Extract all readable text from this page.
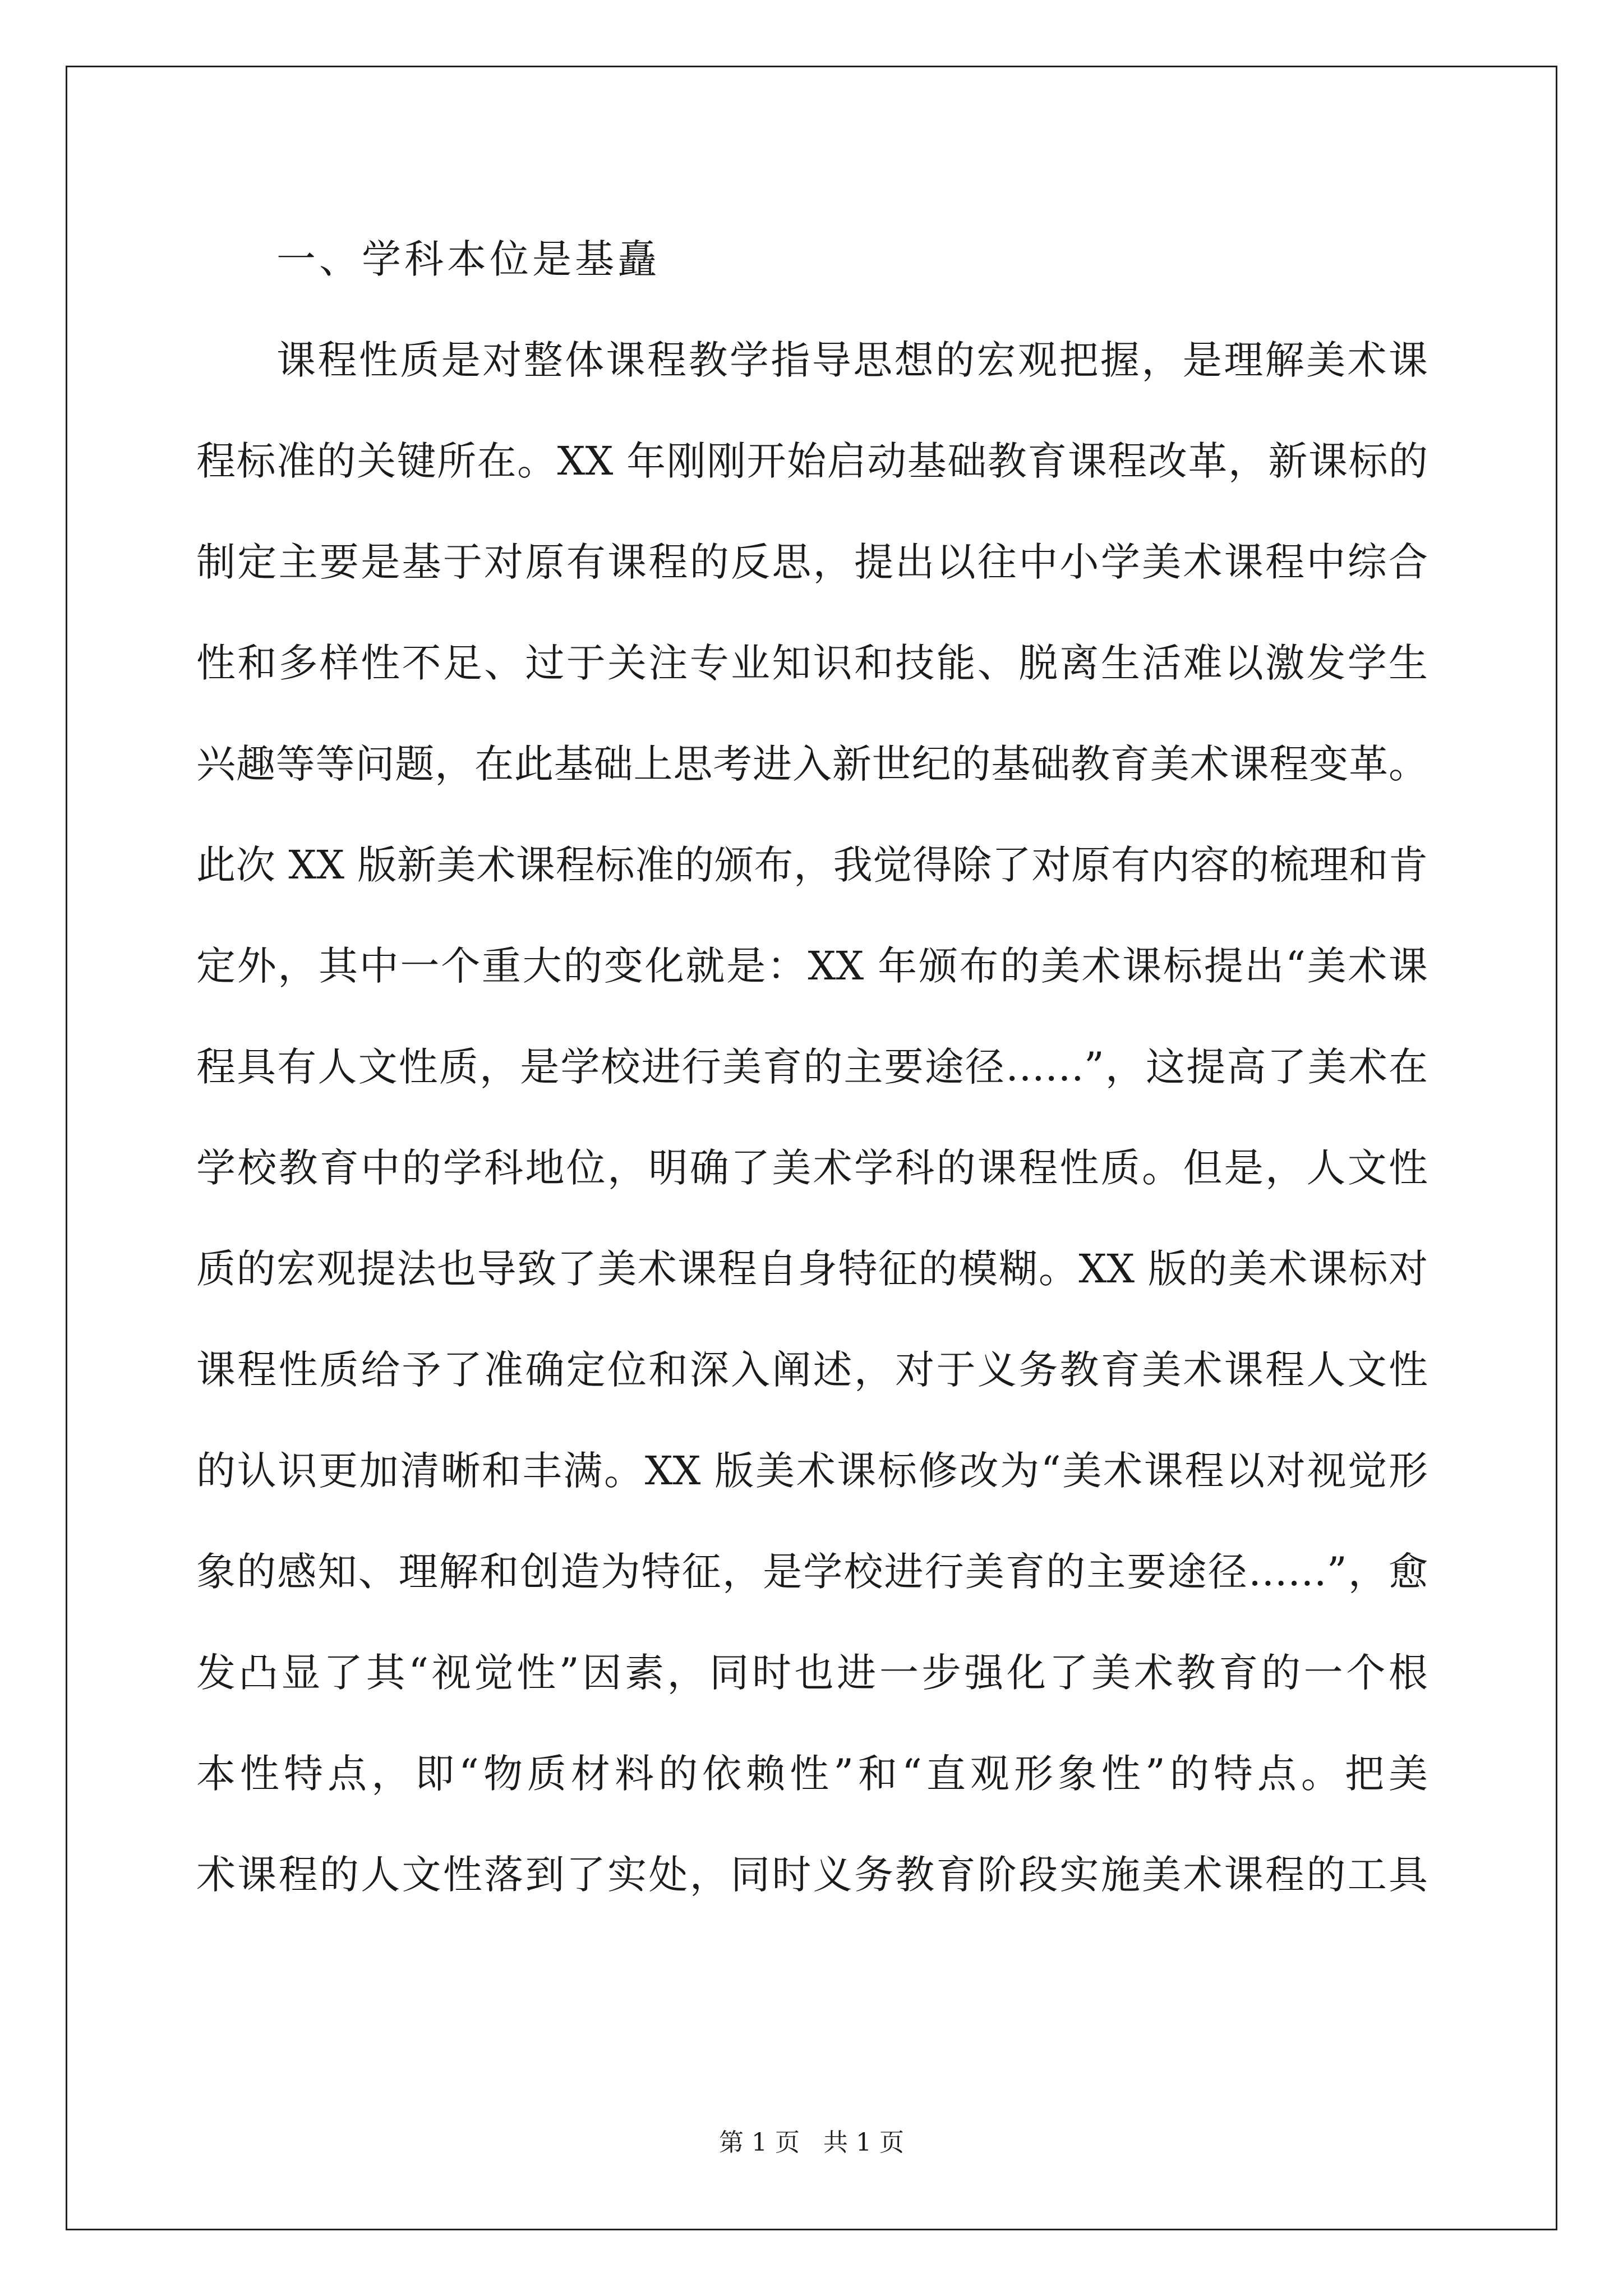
一、学科本位是基矗
课程性质是对整体课程教学指导思想的宏观把握，是理解美术课
程标准的关键所在。XX 年刚刚开始启动基础教育课程改革，新课标的
制定主要是基于对原有课程的反思，提出以往中小学美术课程中综合
性和多样性不足、过于关注专业知识和技能、脱离生活难以激发学生
兴趣等等问题，在此基础上思考进入新世纪的基础教育美术课程变革。
此次 XX 版新美术课程标准的颁布，我觉得除了对原有内容的梳理和肯
定外，其中一个重大的变化就是：XX 年颁布的美术课标提出“美术课
程具有人文性质，是学校进行美育的主要途径……”，这提高了美术在
学校教育中的学科地位，明确了美术学科的课程性质。但是，人文性
质的宏观提法也导致了美术课程自身特征的模糊。XX 版的美术课标对
课程性质给予了准确定位和深入阐述，对于义务教育美术课程人文性
的认识更加清晰和丰满。XX 版美术课标修改为“美术课程以对视觉形
象的感知、理解和创造为特征，是学校进行美育的主要途径……”，愈
发凸显了其“视觉性”因素，同时也进一步强化了美术教育的一个根
本性特点，即“物质材料的依赖性”和“直观形象性”的特点。把美
术课程的人文性落到了实处，同时义务教育阶段实施美术课程的工具
第 1 页   共 1 页
